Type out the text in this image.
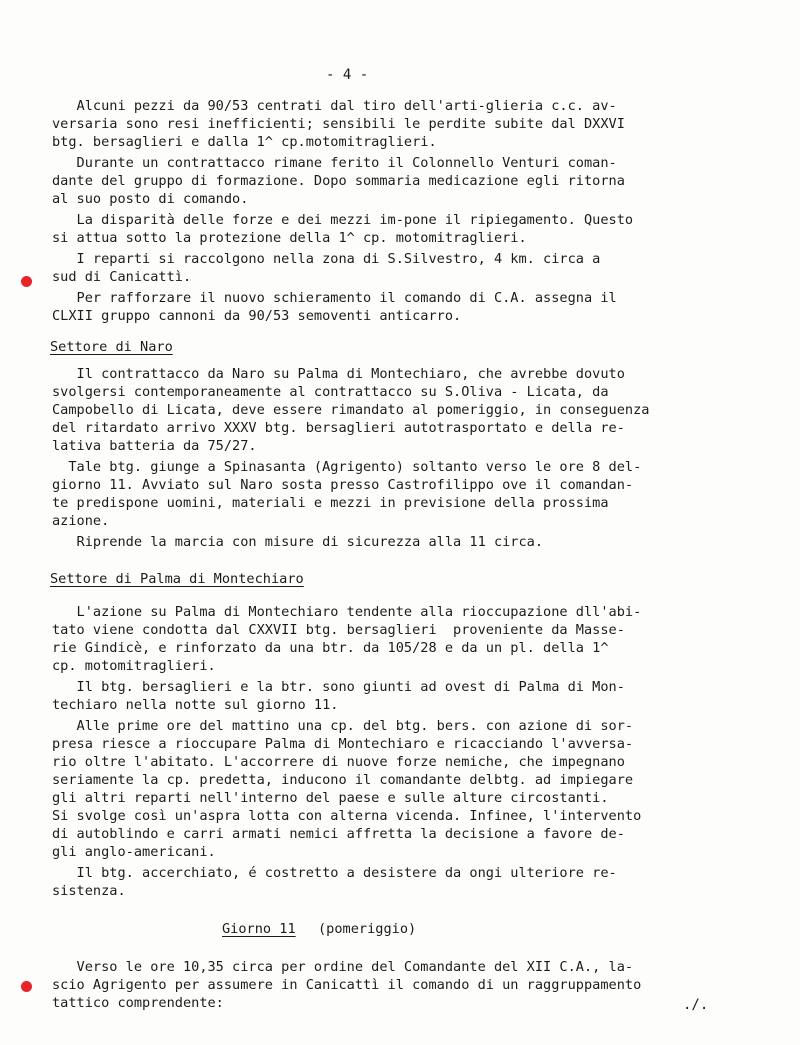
- 4 -
Alcuni pezzi da 90/53 centrati dal tiro dell'arti-glieria c.c. av-
versaria sono resi inefficienti; sensibili le perdite subite dal DXXVI
btg. bersaglieri e dalla 1^ cp.motomitraglieri.
Durante un contrattacco rimane ferito il Colonnello Venturi coman-
dante del gruppo di formazione. Dopo sommaria medicazione egli ritorna
al suo posto di comando.
La disparità delle forze e dei mezzi im-pone il ripiegamento. Questo
si attua sotto la protezione della 1^ cp. motomitraglieri.
I reparti si raccolgono nella zona di S.Silvestro, 4 km. circa a
sud di Canicattì.
Per rafforzare il nuovo schieramento il comando di C.A. assegna il
CLXII gruppo cannoni da 90/53 semoventi anticarro.
Settore di Naro
Il contrattacco da Naro su Palma di Montechiaro, che avrebbe dovuto
svolgersi contemporaneamente al contrattacco su S.Oliva - Licata, da
Campobello di Licata, deve essere rimandato al pomeriggio, in conseguenza
del ritardato arrivo XXXV btg. bersaglieri autotrasportato e della re-
lativa batteria da 75/27.
Tale btg. giunge a Spinasanta (Agrigento) soltanto verso le ore 8 del-
giorno 11. Avviato sul Naro sosta presso Castrofilippo ove il comandan-
te predispone uomini, materiali e mezzi in previsione della prossima
azione.
Riprende la marcia con misure di sicurezza alla 11 circa.
Settore di Palma di Montechiaro
L'azione su Palma di Montechiaro tendente alla rioccupazione dll'abi-
tato viene condotta dal CXXVII btg. bersaglieri  proveniente da Masse-
rie Gindicè, e rinforzato da una btr. da 105/28 e da un pl. della 1^
cp. motomitraglieri.
Il btg. bersaglieri e la btr. sono giunti ad ovest di Palma di Mon-
techiaro nella notte sul giorno 11.
Alle prime ore del mattino una cp. del btg. bers. con azione di sor-
presa riesce a rioccupare Palma di Montechiaro e ricacciando l'avversa-
rio oltre l'abitato. L'accorrere di nuove forze nemiche, che impegnano
seriamente la cp. predetta, inducono il comandante delbtg. ad impiegare
gli altri reparti nell'interno del paese e sulle alture circostanti.
Si svolge così un'aspra lotta con alterna vicenda. Infinee, l'intervento
di autoblindo e carri armati nemici affretta la decisione a favore de-
gli anglo-americani.
Il btg. accerchiato, é costretto a desistere da ongi ulteriore re-
sistenza.
Giorno 11 (pomeriggio)
Verso le ore 10,35 circa per ordine del Comandante del XII C.A., la-
scio Agrigento per assumere in Canicattì il comando di un raggruppamento
tattico comprendente:	./.
